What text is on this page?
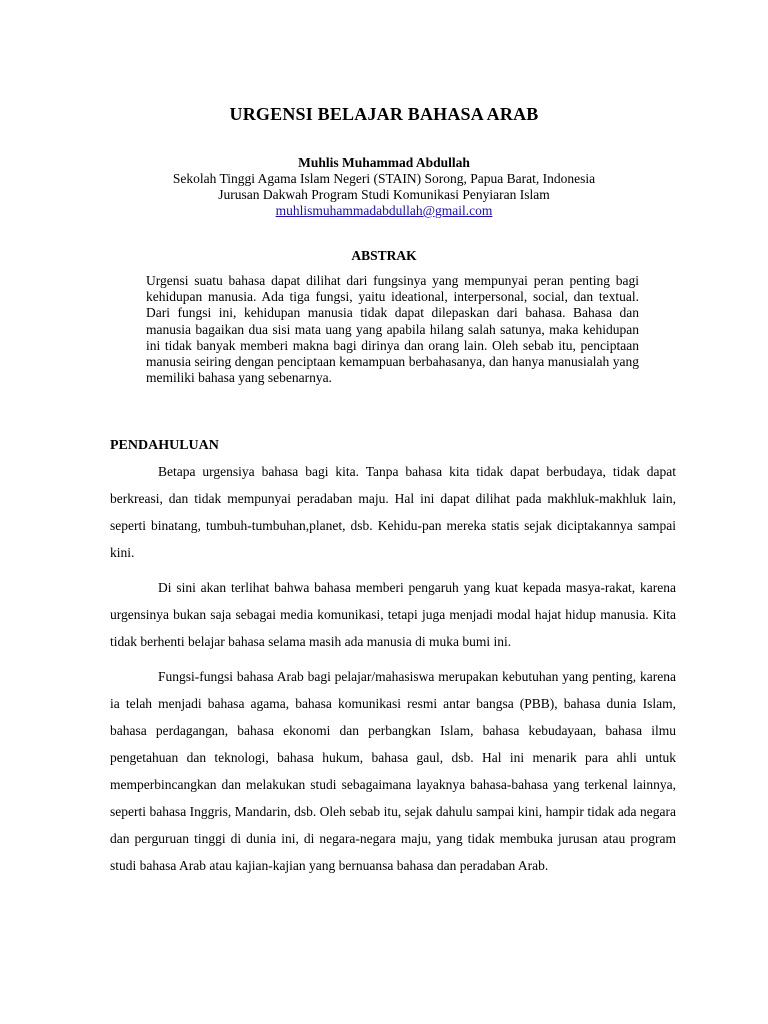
URGENSI BELAJAR BAHASA ARAB
Muhlis Muhammad Abdullah
Sekolah Tinggi Agama Islam Negeri (STAIN) Sorong, Papua Barat, Indonesia
Jurusan Dakwah Program Studi Komunikasi Penyiaran Islam
muhlismuhammadabdullah@gmail.com
ABSTRAK
Urgensi suatu bahasa dapat dilihat dari fungsinya yang mempunyai peran penting bagi kehidupan manusia. Ada tiga fungsi, yaitu ideational, interpersonal, social, dan textual. Dari fungsi ini, kehidupan manusia tidak dapat dilepaskan dari bahasa. Bahasa dan manusia bagaikan dua sisi mata uang yang apabila hilang salah satunya, maka kehidupan ini tidak banyak memberi makna bagi dirinya dan orang lain. Oleh sebab itu, penciptaan manusia seiring dengan penciptaan kemampuan berbahasanya, dan hanya manusialah yang memiliki bahasa yang sebenarnya.
PENDAHULUAN

Betapa urgensiya bahasa bagi kita. Tanpa bahasa kita tidak dapat berbudaya, tidak dapat berkreasi, dan tidak mempunyai peradaban maju. Hal ini dapat dilihat pada makhluk-makhluk lain, seperti binatang, tumbuh-tumbuhan,planet, dsb. Kehidu-pan mereka statis sejak diciptakannya sampai kini.

Di sini akan terlihat bahwa bahasa memberi pengaruh yang kuat kepada masya-rakat, karena urgensinya bukan saja sebagai media komunikasi, tetapi juga menjadi modal hajat hidup manusia. Kita tidak berhenti belajar bahasa selama masih ada manusia di muka bumi ini.

Fungsi-fungsi bahasa Arab bagi pelajar/mahasiswa merupakan kebutuhan yang penting, karena ia telah menjadi bahasa agama, bahasa komunikasi resmi antar bangsa (PBB), bahasa dunia Islam, bahasa perdagangan, bahasa ekonomi dan perbangkan Islam, bahasa kebudayaan, bahasa ilmu pengetahuan dan teknologi, bahasa hukum, bahasa gaul, dsb. Hal ini menarik para ahli untuk memperbincangkan dan melakukan studi sebagaimana layaknya bahasa-bahasa yang terkenal lainnya, seperti bahasa Inggris, Mandarin, dsb. Oleh sebab itu, sejak dahulu sampai kini, hampir tidak ada negara dan perguruan tinggi di dunia ini, di negara-negara maju, yang tidak membuka jurusan atau program studi bahasa Arab atau kajian-kajian yang bernuansa bahasa dan peradaban Arab.
